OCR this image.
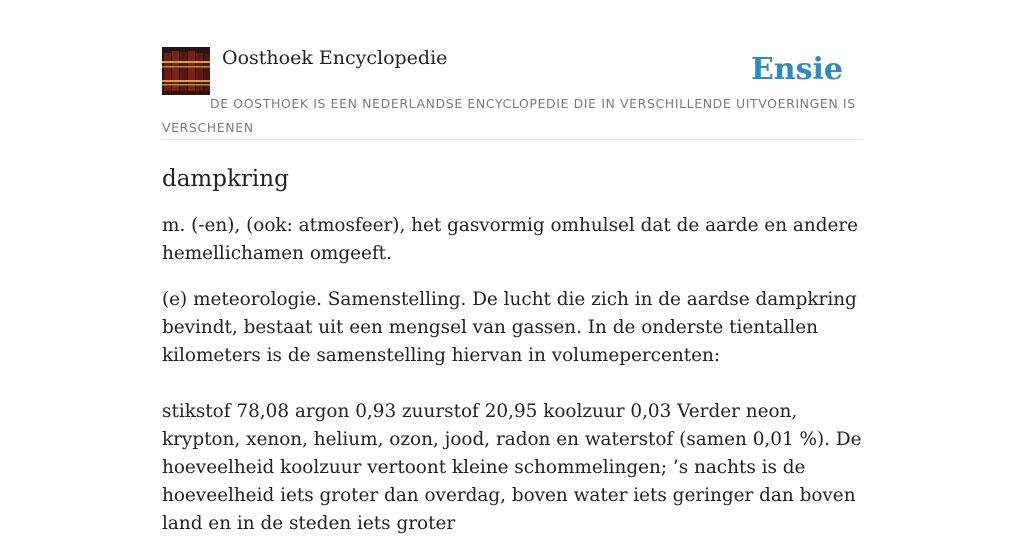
Oosthoek Encyclopedie	Ensie
DE OOSTHOEK IS EEN NEDERLANDSE ENCYCLOPEDIE DIE IN VERSCHILLENDE UITVOERINGEN IS VERSCHENEN
dampkring

m. (-en), (ook: atmosfeer), het gasvormig omhulsel dat de aarde en andere hemellichamen omgeeft.

(e) meteorologie. Samenstelling. De lucht die zich in de aardse dampkring bevindt, bestaat uit een mengsel van gassen. In de onderste tientallen kilometers is de samenstelling hiervan in volumepercenten:

stikstof 78,08 argon 0,93 zuurstof 20,95 koolzuur 0,03 Verder neon, krypton, xenon, helium, ozon, jood, radon en waterstof (samen 0,01 %). De hoeveelheid koolzuur vertoont kleine schommelingen; ’s nachts is de hoeveelheid iets groter dan overdag, boven water iets geringer dan boven land en in de steden iets groter
